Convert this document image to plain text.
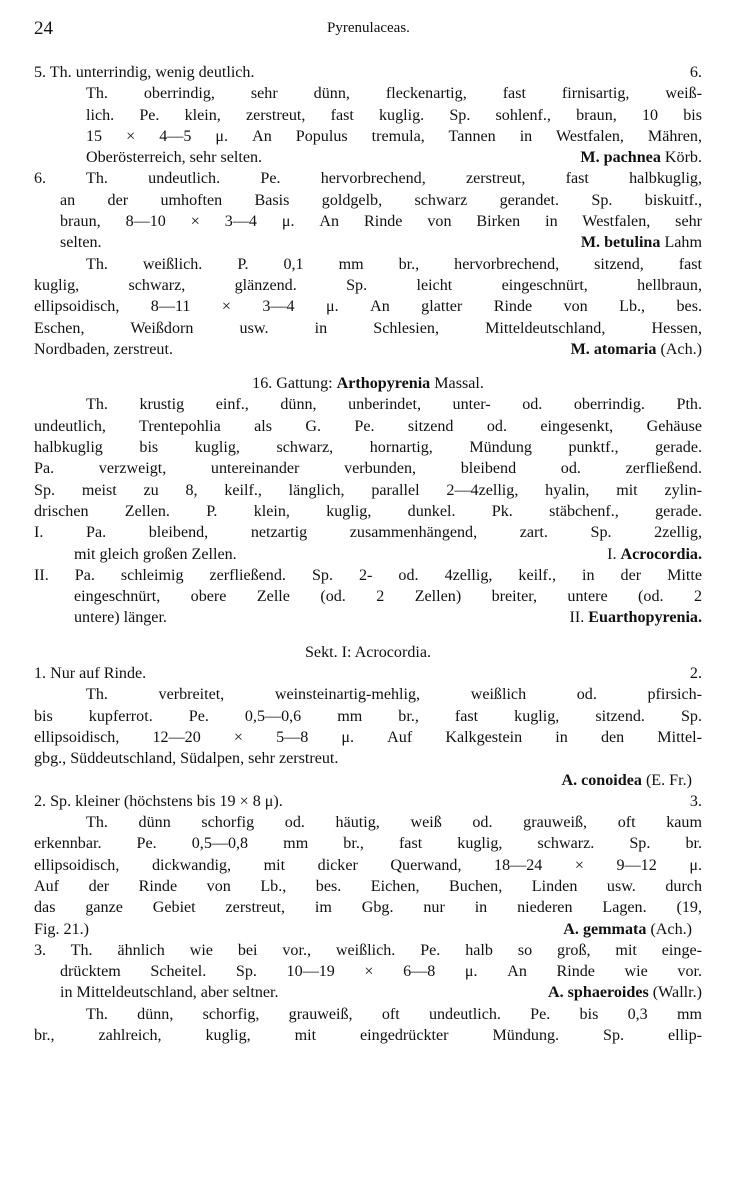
24	Pyrenulaceas.
5. Th. unterrindig, wenig deutlich.	6.
Th. oberrindig, sehr dünn, fleckenartig, fast firnisartig, weiß-
lich. Pe. klein, zerstreut, fast kuglig. Sp. sohlenf., braun, 10 bis
15 × 4—5 μ. An Populus tremula, Tannen in Westfalen, Mähren,
Oberösterreich, sehr selten.	M. pachnea Körb.
6. Th. undeutlich. Pe. hervorbrechend, zerstreut, fast halbkuglig,
an der umhoften Basis goldgelb, schwarz gerandet. Sp. biskuitf.,
braun, 8—10 × 3—4 μ. An Rinde von Birken in Westfalen, sehr
selten.	M. betulina Lahm
Th. weißlich. P. 0,1 mm br., hervorbrechend, sitzend, fast
kuglig, schwarz, glänzend. Sp. leicht eingeschnürt, hellbraun,
ellipsoidisch, 8—11 × 3—4 μ. An glatter Rinde von Lb., bes.
Eschen, Weißdorn usw. in Schlesien, Mitteldeutschland, Hessen,
Nordbaden, zerstreut.	M. atomaria (Ach.)
16. Gattung: Arthopyrenia Massal.
Th. krustig einf., dünn, unberindet, unter- od. oberrindig. Pth.
undeutlich, Trentepohlia als G. Pe. sitzend od. eingesenkt, Gehäuse
halbkuglig bis kuglig, schwarz, hornartig, Mündung punktf., gerade.
Pa. verzweigt, untereinander verbunden, bleibend od. zerfließend.
Sp. meist zu 8, keilf., länglich, parallel 2—4zellig, hyalin, mit zylin-
drischen Zellen. P. klein, kuglig, dunkel. Pk. stäbchenf., gerade.
I. Pa. bleibend, netzartig zusammenhängend, zart. Sp. 2zellig,
mit gleich großen Zellen.	I. Acrocordia.
II. Pa. schleimig zerfließend. Sp. 2- od. 4zellig, keilf., in der Mitte
eingeschnürt, obere Zelle (od. 2 Zellen) breiter, untere (od. 2
untere) länger.	II. Euarthopyrenia.
Sekt. I: Acrocordia.
1. Nur auf Rinde.	2.
Th. verbreitet, weinsteinartig-mehlig, weißlich od. pfirsich-
bis kupferrot. Pe. 0,5—0,6 mm br., fast kuglig, sitzend. Sp.
ellipsoidisch, 12—20 × 5—8 μ. Auf Kalkgestein in den Mittel-
gbg., Süddeutschland, Südalpen, sehr zerstreut.
A. conoidea (E. Fr.)
2. Sp. kleiner (höchstens bis 19 × 8 μ).	3.
Th. dünn schorfig od. häutig, weiß od. grauweiß, oft kaum
erkennbar. Pe. 0,5—0,8 mm br., fast kuglig, schwarz. Sp. br.
ellipsoidisch, dickwandig, mit dicker Querwand, 18—24 × 9—12 μ.
Auf der Rinde von Lb., bes. Eichen, Buchen, Linden usw. durch
das ganze Gebiet zerstreut, im Gbg. nur in niederen Lagen. (19,
Fig. 21.)	A. gemmata (Ach.)
3. Th. ähnlich wie bei vor., weißlich. Pe. halb so groß, mit einge-
drücktem Scheitel. Sp. 10—19 × 6—8 μ. An Rinde wie vor.
in Mitteldeutschland, aber seltner.	A. sphaeroides (Wallr.)
Th. dünn, schorfig, grauweiß, oft undeutlich. Pe. bis 0,3 mm
br., zahlreich, kuglig, mit eingedrückter Mündung. Sp. ellip-
